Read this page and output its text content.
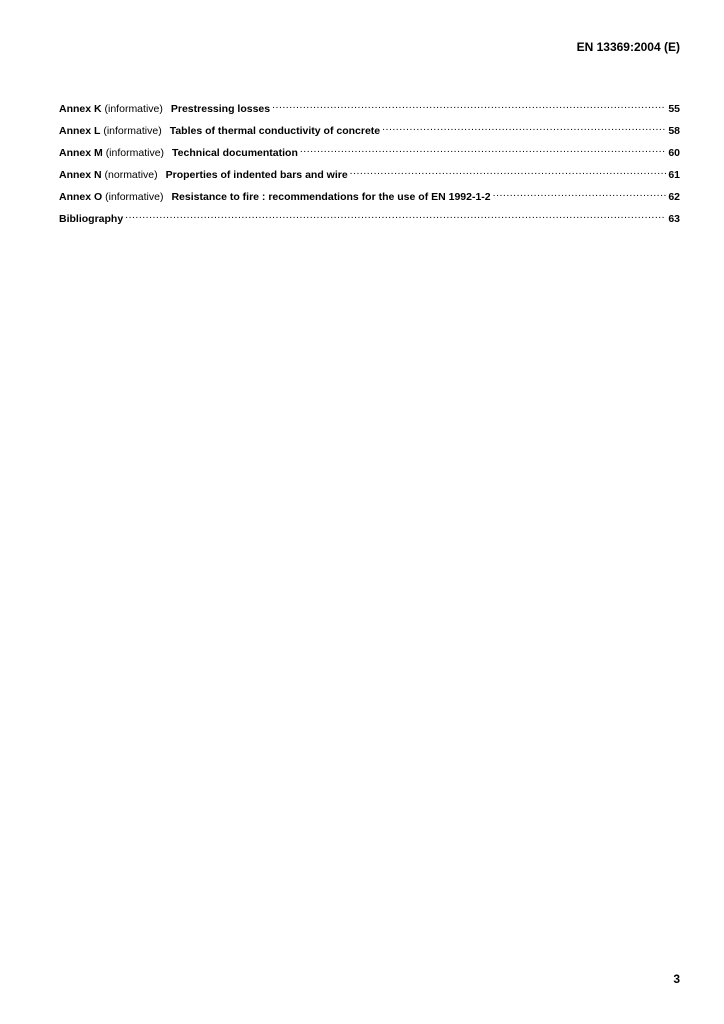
EN 13369:2004 (E)
Annex K (informative) Prestressing losses .....	55
Annex L (informative) Tables of thermal conductivity of concrete .....	58
Annex M (informative) Technical documentation .....	60
Annex N (normative) Properties of indented bars and wire .....	61
Annex O (informative) Resistance to fire : recommendations for the use of EN 1992-1-2 .....	62
Bibliography .....	63
3
